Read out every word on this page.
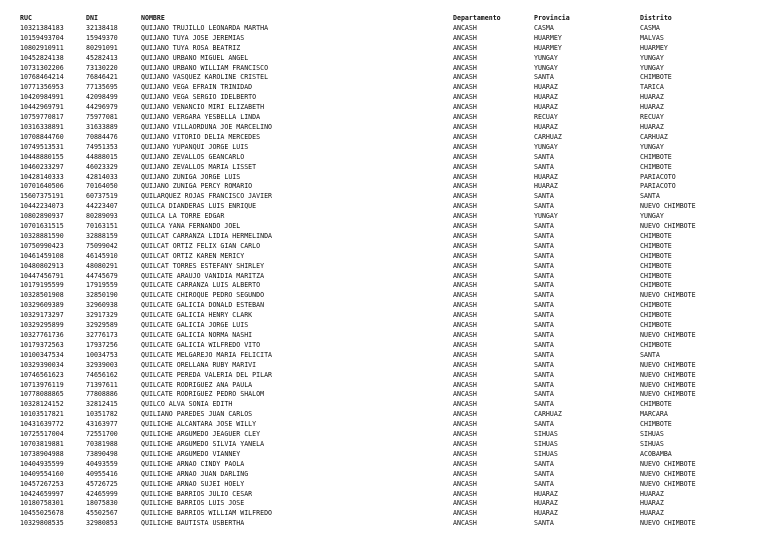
RUC	DNI	NOMBRE	Departamento	Provincia	Distrito
10321384183	32138418	QUIJANO TRUJILLO LEONARDA MARTHA	ANCASH	CASMA	CASMA
10159493704	15949370	QUIJANO TUYA JOSE JEREMIAS	ANCASH	HUARMEY	MALVAS
10802910911	80291091	QUIJANO TUYA ROSA BEATRIZ	ANCASH	HUARMEY	HUARMEY
10452824138	45282413	QUIJANO URBANO MIGUEL ANGEL	ANCASH	YUNGAY	YUNGAY
10731302206	73130220	QUIJANO URBANO WILLIAM FRANCISCO	ANCASH	YUNGAY	YUNGAY
10768464214	76846421	QUIJANO VASQUEZ KAROLINE CRISTEL	ANCASH	SANTA	CHIMBOTE
10771356953	77135695	QUIJANO VEGA EFRAIN TRINIDAD	ANCASH	HUARAZ	TARICA
10420984991	42098499	QUIJANO VEGA SERGIO IDELBERTO	ANCASH	HUARAZ	HUARAZ
10442969791	44296979	QUIJANO VENANCIO MIRI ELIZABETH	ANCASH	HUARAZ	HUARAZ
10759770817	75977081	QUIJANO VERGARA YESBELLA LINDA	ANCASH	RECUAY	RECUAY
10316338891	31633889	QUIJANO VILLAORDUÑA JOE MARCELINO	ANCASH	HUARAZ	HUARAZ
10708844760	70884476	QUIJANO VITORIO DELIA MERCEDES	ANCASH	CARHUAZ	CARHUAZ
10749513531	74951353	QUIJANO YUPANQUI JORGE LUIS	ANCASH	YUNGAY	YUNGAY
10448880155	44888015	QUIJANO ZEVALLOS GEANCARLO	ANCASH	SANTA	CHIMBOTE
10460233297	46023329	QUIJANO ZEVALLOS MARIA LISSET	ANCASH	SANTA	CHIMBOTE
10428140333	42814033	QUIJANO ZUÑIGA JORGE LUIS	ANCASH	HUARAZ	PARIACOTO
10701640506	70164050	QUIJANO ZUÑIGA PERCY ROMARIO	ANCASH	HUARAZ	PARIACOTO
15607375191	60737519	QUILARQUEZ ROJAS FRANCISCO JAVIER	ANCASH	SANTA	SANTA
10442234073	44223407	QUILCA DIANDERAS LUIS ENRIQUE	ANCASH	SANTA	NUEVO CHIMBOTE
10802890937	80289093	QUILCA LA TORRE EDGAR	ANCASH	YUNGAY	YUNGAY
10701631515	70163151	QUILCA YANA FERNANDO JOEL	ANCASH	SANTA	NUEVO CHIMBOTE
10328881590	32888159	QUILCAT CARRANZA LIDIA HERMELINDA	ANCASH	SANTA	CHIMBOTE
10750990423	75099042	QUILCAT ORTIZ FELIX GIAN CARLO	ANCASH	SANTA	CHIMBOTE
10461459108	46145910	QUILCAT ORTIZ KAREN MERICY	ANCASH	SANTA	CHIMBOTE
10480802913	48080291	QUILCAT TORRES ESTEFANY SHIRLEY	ANCASH	SANTA	CHIMBOTE
10447456791	44745679	QUILCATE ARAUJO VANIDIA MARITZA	ANCASH	SANTA	CHIMBOTE
10179195599	17919559	QUILCATE CARRANZA LUIS ALBERTO	ANCASH	SANTA	CHIMBOTE
10328501908	32850190	QUILCATE CHIROQUE PEDRO SEGUNDO	ANCASH	SANTA	NUEVO CHIMBOTE
10329609389	32960938	QUILCATE GALICIA DONALD ESTEBAN	ANCASH	SANTA	CHIMBOTE
10329173297	32917329	QUILCATE GALICIA HENRY CLARK	ANCASH	SANTA	CHIMBOTE
10329295899	32929589	QUILCATE GALICIA JORGE LUIS	ANCASH	SANTA	CHIMBOTE
10327761736	32776173	QUILCATE GALICIA NORMA NASHI	ANCASH	SANTA	NUEVO CHIMBOTE
10179372563	17937256	QUILCATE GALICIA WILFREDO VITO	ANCASH	SANTA	CHIMBOTE
10100347534	10034753	QUILCATE MELGAREJO MARIA FELICITA	ANCASH	SANTA	SANTA
10329390034	32939003	QUILCATE ORELLANA RUBY MARIVI	ANCASH	SANTA	NUEVO CHIMBOTE
10746561623	74656162	QUILCATE PEREDA VALERIA DEL PILAR	ANCASH	SANTA	NUEVO CHIMBOTE
10713976119	71397611	QUILCATE RODRIGUEZ ANA PAULA	ANCASH	SANTA	NUEVO CHIMBOTE
10778088865	77808886	QUILCATE RODRIGUEZ PEDRO SHALOM	ANCASH	SANTA	NUEVO CHIMBOTE
10328124152	32812415	QUILCO ALVA SONIA EDITH	ANCASH	SANTA	CHIMBOTE
10103517821	10351782	QUILIANO PAREDES JUAN CARLOS	ANCASH	CARHUAZ	MARCARA
10431639772	43163977	QUILICHE ALCANTARA JOSE WILLY	ANCASH	SANTA	CHIMBOTE
10725517004	72551700	QUILICHE ARGUMEDO JEAGUER CLEY	ANCASH	SIHUAS	SIHUAS
10703819881	70381988	QUILICHE ARGUMEDO SILVIA YANELA	ANCASH	SIHUAS	SIHUAS
10738904988	73890498	QUILICHE ARGUMEDO VIANNEY	ANCASH	SIHUAS	ACOBAMBA
10404935599	40493559	QUILICHE ARNAO CINDY PAOLA	ANCASH	SANTA	NUEVO CHIMBOTE
10409554160	40955416	QUILICHE ARNAO JUAN DARLING	ANCASH	SANTA	NUEVO CHIMBOTE
10457267253	45726725	QUILICHE ARNAO SUJEI HOELY	ANCASH	SANTA	NUEVO CHIMBOTE
10424659997	42465999	QUILICHE BARRIOS JULIO CESAR	ANCASH	HUARAZ	HUARAZ
10180758301	18075830	QUILICHE BARRIOS LUIS JOSE	ANCASH	HUARAZ	HUARAZ
10455025678	45502567	QUILICHE BARRIOS WILLIAM WILFREDO	ANCASH	HUARAZ	HUARAZ
10329808535	32980853	QUILICHE BAUTISTA USBERTHA	ANCASH	SANTA	NUEVO CHIMBOTE
